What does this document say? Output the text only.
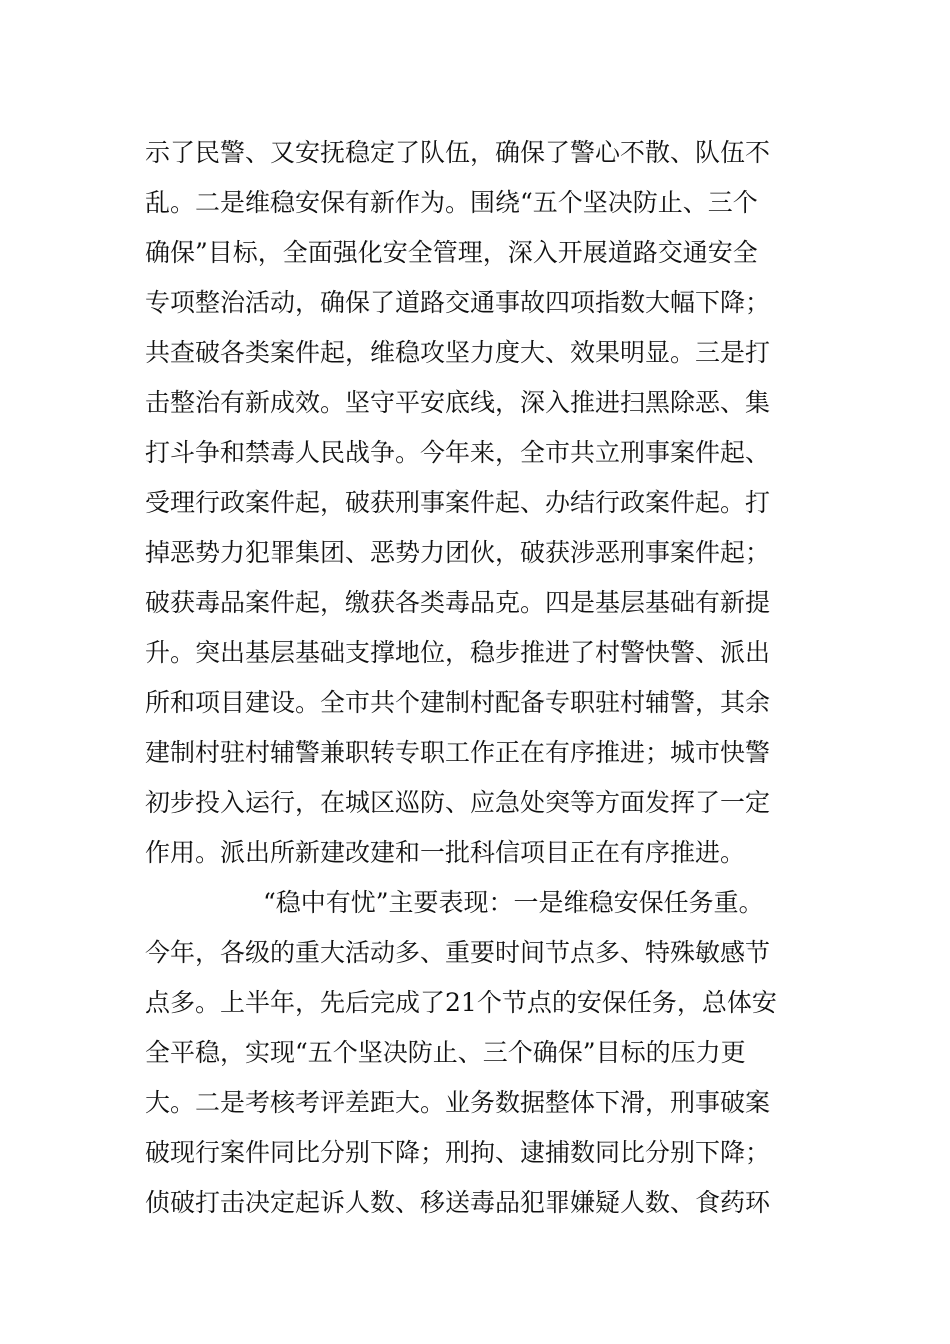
示了民警、又安抚稳定了队伍，确保了警心不散、队伍不
乱。二是维稳安保有新作为。围绕“五个坚决防止、三个
确保”目标，全面强化安全管理，深入开展道路交通安全
专项整治活动，确保了道路交通事故四项指数大幅下降；
共查破各类案件起，维稳攻坚力度大、效果明显。三是打
击整治有新成效。坚守平安底线，深入推进扫黑除恶、集
打斗争和禁毒人民战争。今年来，全市共立刑事案件起、
受理行政案件起，破获刑事案件起、办结行政案件起。打
掉恶势力犯罪集团、恶势力团伙，破获涉恶刑事案件起；
破获毒品案件起，缴获各类毒品克。四是基层基础有新提
升。突出基层基础支撑地位，稳步推进了村警快警、派出
所和项目建设。全市共个建制村配备专职驻村辅警，其余
建制村驻村辅警兼职转专职工作正在有序推进；城市快警
初步投入运行，在城区巡防、应急处突等方面发挥了一定
作用。派出所新建改建和一批科信项目正在有序推进。
“稳中有忧”主要表现：一是维稳安保任务重。
今年，各级的重大活动多、重要时间节点多、特殊敏感节
点多。上半年，先后完成了21个节点的安保任务，总体安
全平稳，实现“五个坚决防止、三个确保”目标的压力更
大。二是考核考评差距大。业务数据整体下滑，刑事破案
破现行案件同比分别下降；刑拘、逮捕数同比分别下降；
侦破打击决定起诉人数、移送毒品犯罪嫌疑人数、食药环
